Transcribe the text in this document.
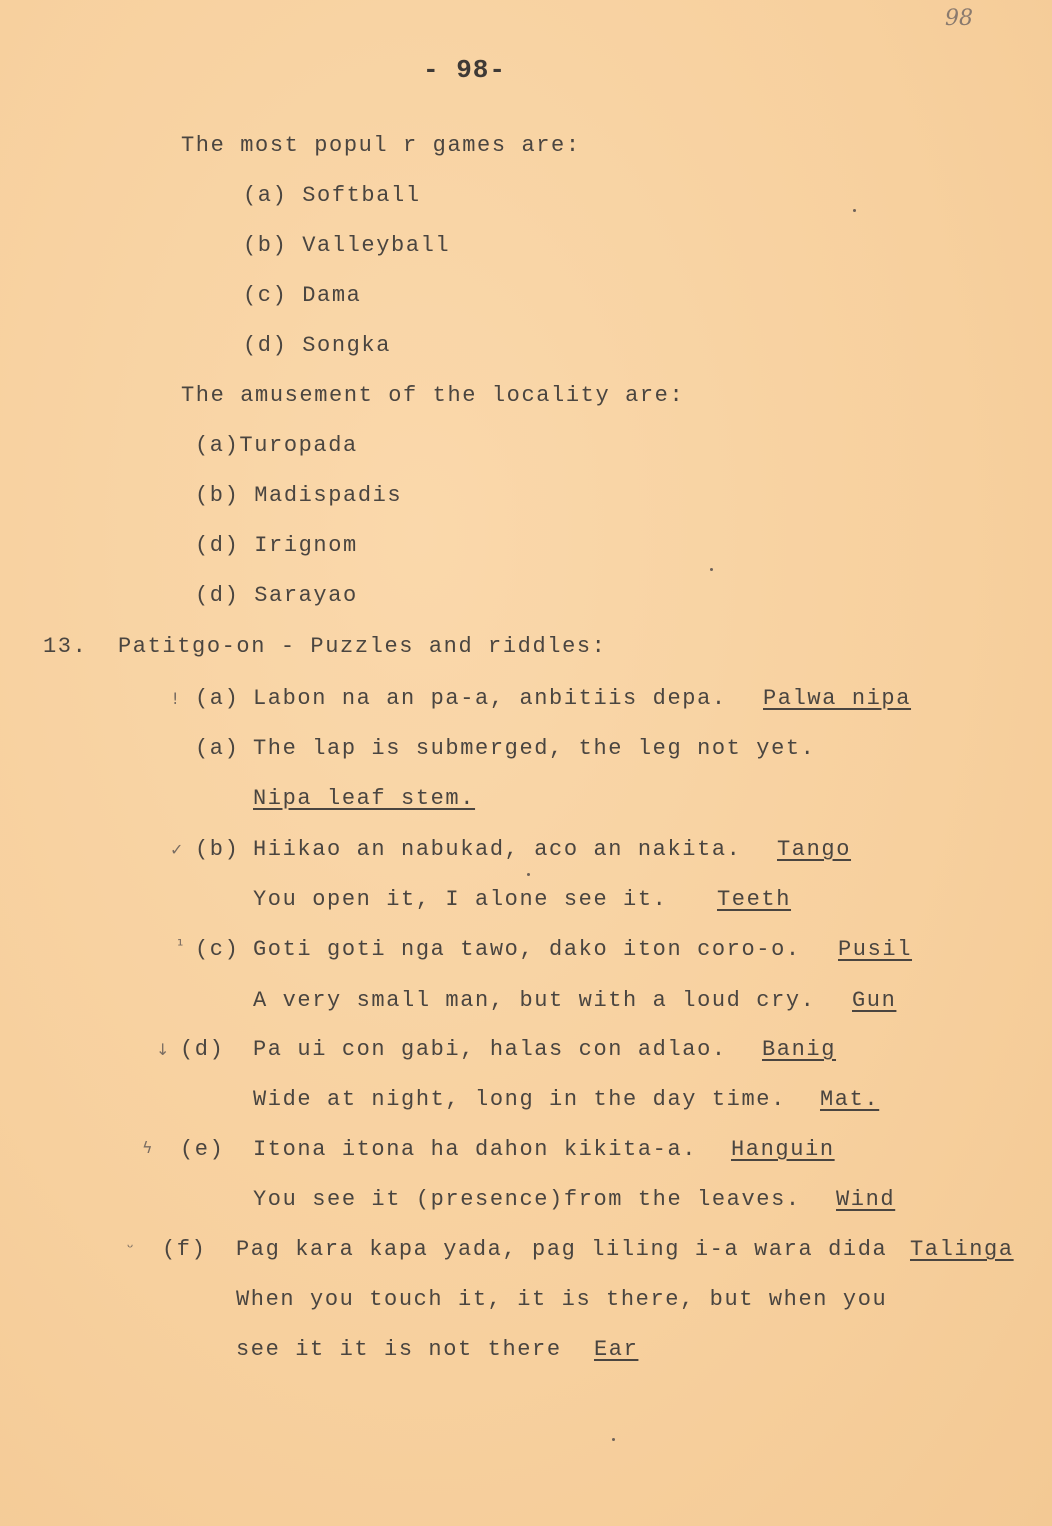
98
- 98-
The most popul r games are:
(a) Softball
(b) Valleyball
(c) Dama
(d) Songka
The amusement of the locality are:
(a)Turopada
(b) Madispadis
(d) Irignom
(d) Sarayao
13. Patitgo-on - Puzzles and riddles:
!
✓
¹
↓
ϟ
ᵕ
(a) Labon na an pa-a, anbitiis depa. Palwa nipa
(a) The lap is submerged, the leg not yet.
Nipa leaf stem.
(b) Hiikao an nabukad, aco an nakita. Tango
You open it, I alone see it. Teeth
(c) Goti goti nga tawo, dako iton coro-o. Pusil
A very small man, but with a loud cry. Gun
(d) Pa ui con gabi, halas con adlao. Banig
Wide at night, long in the day time. Mat.
(e) Itona itona ha dahon kikita-a. Hanguin
You see it (presence)from the leaves. Wind
(f) Pag kara kapa yada, pag liling i-a wara dida Talinga
When you touch it, it is there, but when you
see it it is not there Ear
